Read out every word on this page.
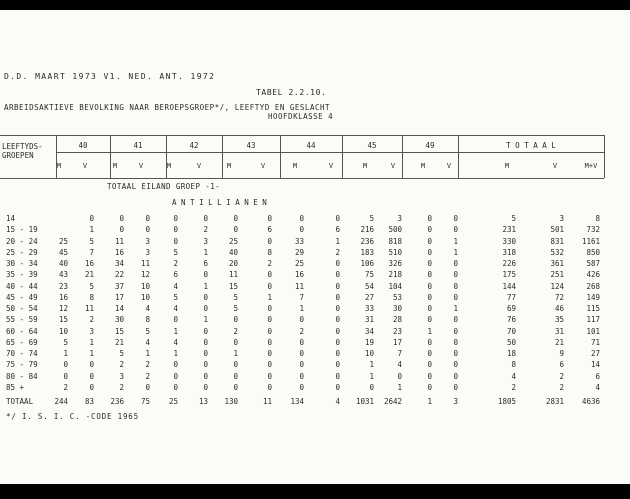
D.D. MAART 1973 V1. NED. ANT. 1972
TABEL 2.2.10.
ARBEIDSAKTIEVE BEVOLKING NAAR BEROEPSGROEP*/, LEEFTYD EN GESLACHT
HOOFDKLASSE 4
LEEFTYDS-
GROEPEN
40	41	42	43	44	45	49	T O T A A L
M	V	M	V	M	V	M	V	M	V	M	V	M	V	M	V	M+V
TOTAAL EILAND GROEP -1-
A N T I L L I A N E N
14	0	0	0	0	0	0	0	0	0	5	3	0	0	5	3	8
15 - 19	1	0	0	0	2	0	6	0	6	216	500	0	0	231	501	732
20 - 24	25	5	11	3	0	3	25	0	33	1	236	818	0	1	330	831	1161
25 - 29	45	7	16	3	5	1	40	8	29	2	183	510	0	1	318	532	850
30 - 34	40	16	34	11	2	6	20	2	25	0	106	326	0	0	226	361	587
35 - 39	43	21	22	12	6	0	11	0	16	0	75	218	0	0	175	251	426
40 - 44	23	5	37	10	4	1	15	0	11	0	54	104	0	0	144	124	268
45 - 49	16	8	17	10	5	0	5	1	7	0	27	53	0	0	77	72	149
50 - 54	12	11	14	4	4	0	5	0	1	0	33	30	0	1	69	46	115
55 - 59	15	2	30	8	0	1	0	0	0	0	31	28	0	0	76	35	117
60 - 64	10	3	15	5	1	0	2	0	2	0	34	23	1	0	70	31	101
65 - 69	5	1	21	4	4	0	0	0	0	0	19	17	0	0	50	21	71
70 - 74	1	1	5	1	1	0	1	0	0	0	10	7	0	0	18	9	27
75 - 79	0	0	2	2	0	0	0	0	0	0	1	4	0	0	8	6	14
80 - 84	0	0	3	2	0	0	0	0	0	0	1	0	0	0	4	2	6
85 +	2	0	2	0	0	0	0	0	0	0	0	1	0	0	2	2	4
TOTAAL	244	83	236	75	25	13	130	11	134	4	1031	2642	1	3	1805	2831	4636
*/ I. S. I. C. -CODE 1965
